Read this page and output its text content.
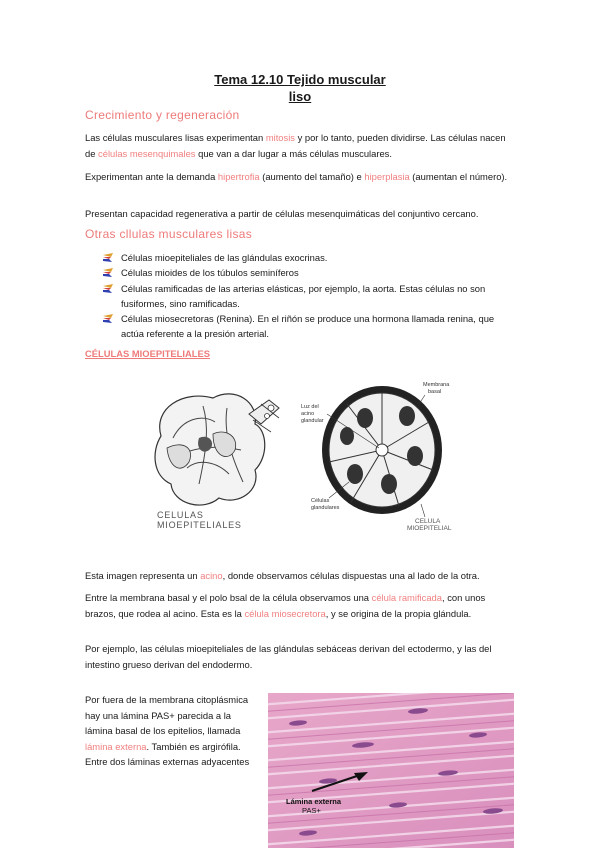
Tema 12.10 Tejido muscular
liso
Crecimiento y regeneración
Las células musculares lisas experimentan mitosis y por lo tanto, pueden dividirse. Las células nacen de células mesenquimales que van a dar lugar a más células musculares.
Experimentan ante la demanda hipertrofia (aumento del tamaño) e hiperplasia (aumentan el número).
Presentan capacidad regenerativa a partir de células mesenquimáticas del conjuntivo cercano.
Otras cllulas musculares lisas
Células mioepiteliales de las glándulas exocrinas.
Células mioides de los túbulos seminíferos
Células ramificadas de las arterias elásticas, por ejemplo, la aorta. Estas células no son fusiformes, sino ramificadas.
Células miosecretoras (Renina). En el riñón se produce una hormona llamada renina, que actúa referente a la presión arterial.
CÉLULAS MIOEPITELIALES
CELULAS
MIOEPITELIALES
Luz del
acino
glandular
Membrana
basal
Células
glandulares
CELULA
MIOEPITELIAL
Esta imagen representa un acino, donde observamos células dispuestas una al lado de la otra.
Entre la membrana basal y el polo bsal de la célula observamos una célula ramificada, con unos brazos, que rodea al acino. Esta es la célula miosecretora, y se origina de la propia glándula.
Por ejemplo, las células mioepiteliales de las glándulas sebáceas derivan del ectodermo, y las del intestino grueso derivan del endodermo.
Por fuera de la membrana citoplásmica hay una lámina PAS+ parecida a la lámina basal de los epitelios, llamada lámina externa. También es argirófila. Entre dos láminas externas adyacentes
Lámina externa
PAS+
